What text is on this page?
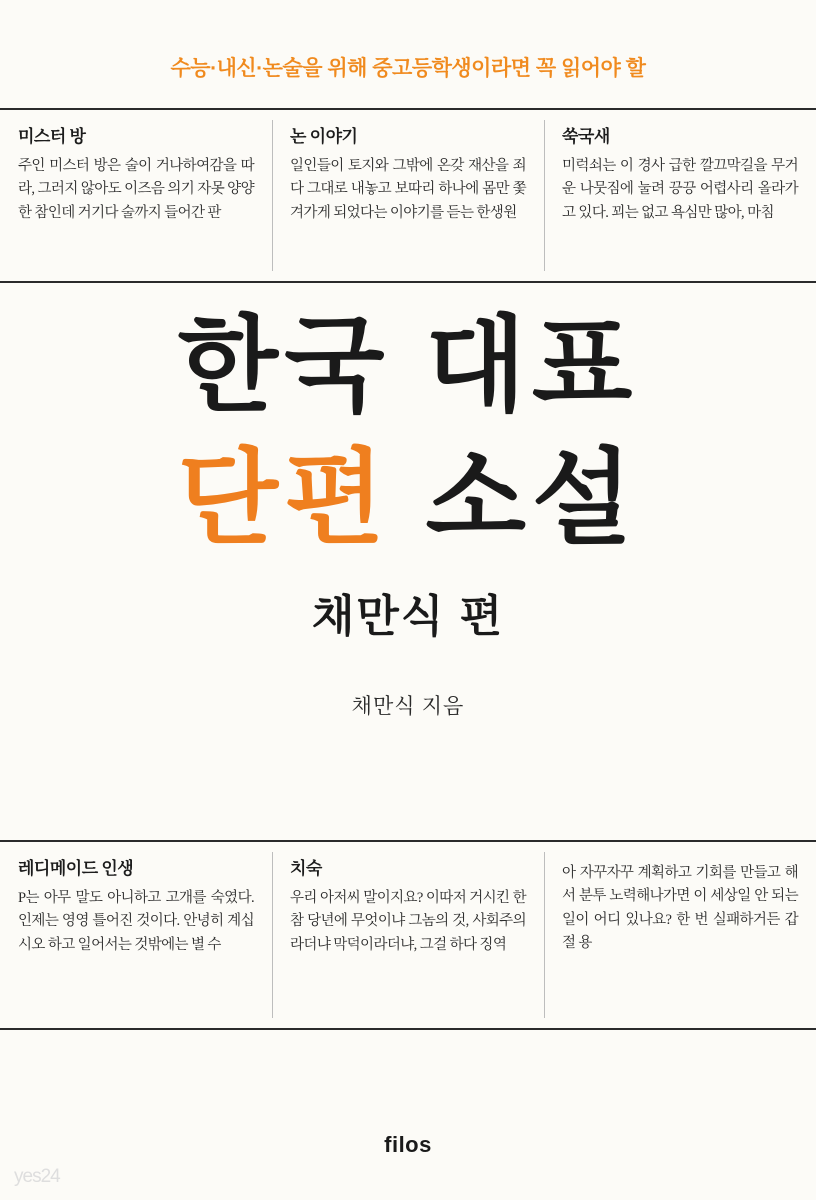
수능·내신·논술을 위해 중고등학생이라면 꼭 읽어야 할
미스터 방
주인 미스터 방은 술이 거나하여감을 따라, 그러지 않아도 이즈음 의기 자못 양양한 참인데 거기다 술까지 들어간 판
논 이야기
일인들이 토지와 그밖에 온갖 재산을 죄다 그대로 내놓고 보따리 하나에 몸만 쫓겨가게 되었다는 이야기를 듣는 한생원
쑥국새
미럭쇠는 이 경사 급한 깔끄막길을 무거운 나뭇짐에 눌려 끙끙 어렵사리 올라가고 있다. 꾀는 없고 욕심만 많아, 마침
한국 대표
단편 소설
채만식 편
채만식 지음
레디메이드 인생
P는 아무 말도 아니하고 고개를 숙였다. 인제는 영영 틀어진 것이다. 안녕히 계십시오 하고 일어서는 것밖에는 별 수
치숙
우리 아저씨 말이지요? 이따저 거시킨 한참 당년에 무엇이냐 그놈의 것, 사회주의라더냐 막덕이라더냐, 그걸 하다 징역
아 자꾸자꾸 계획하고 기회를 만들고 해서 분투 노력해나가면 이 세상일 안 되는 일이 어디 있나요? 한 번 실패하거든 갑절 용
filos
yes24
